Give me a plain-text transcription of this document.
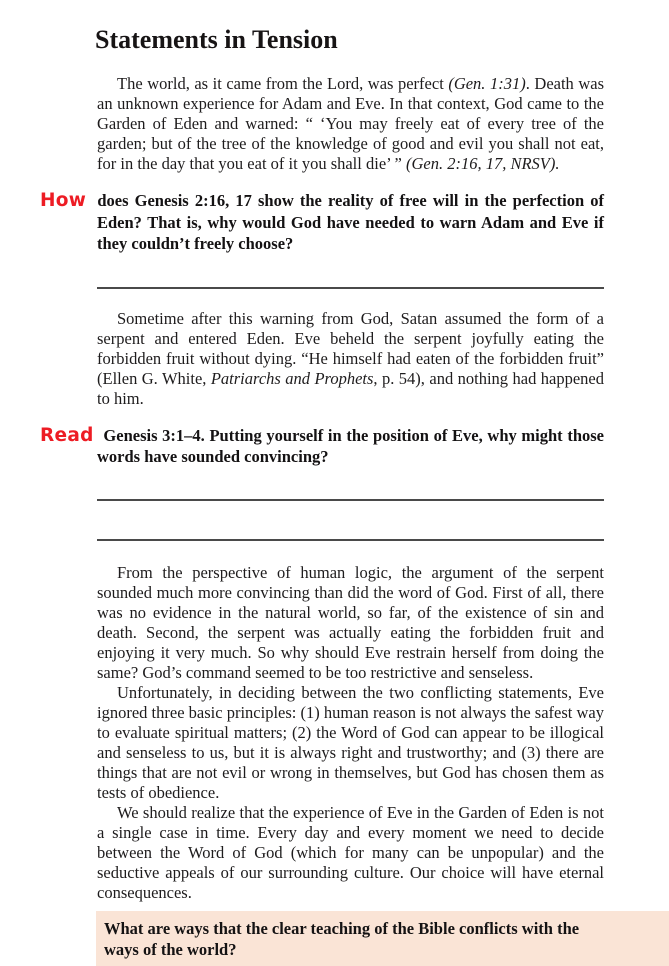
Statements in Tension

The world, as it came from the Lord, was perfect (Gen. 1:31). Death was an unknown experience for Adam and Eve. In that context, God came to the Garden of Eden and warned: “ ‘You may freely eat of every tree of the garden; but of the tree of the knowledge of good and evil you shall not eat, for in the day that you eat of it you shall die’ ” (Gen. 2:16, 17, NRSV).

How does Genesis 2:16, 17 show the reality of free will in the perfection of Eden? That is, why would God have needed to warn Adam and Eve if they couldn’t freely choose?

Sometime after this warning from God, Satan assumed the form of a serpent and entered Eden. Eve beheld the serpent joyfully eating the forbidden fruit without dying. “He himself had eaten of the forbidden fruit” (Ellen G. White, Patriarchs and Prophets, p. 54), and nothing had happened to him.

Read Genesis 3:1–4. Putting yourself in the position of Eve, why might those words have sounded convincing?

From the perspective of human logic, the argument of the serpent sounded much more convincing than did the word of God. First of all, there was no evidence in the natural world, so far, of the existence of sin and death. Second, the serpent was actually eating the forbidden fruit and enjoying it very much. So why should Eve restrain herself from doing the same? God’s command seemed to be too restrictive and senseless.

Unfortunately, in deciding between the two conflicting statements, Eve ignored three basic principles: (1) human reason is not always the safest way to evaluate spiritual matters; (2) the Word of God can appear to be illogical and senseless to us, but it is always right and trustworthy; and (3) there are things that are not evil or wrong in themselves, but God has chosen them as tests of obedience.

We should realize that the experience of Eve in the Garden of Eden is not a single case in time. Every day and every moment we need to decide between the Word of God (which for many can be unpopular) and the seductive appeals of our surrounding culture. Our choice will have eternal consequences.

What are ways that the clear teaching of the Bible conflicts with the ways of the world?
